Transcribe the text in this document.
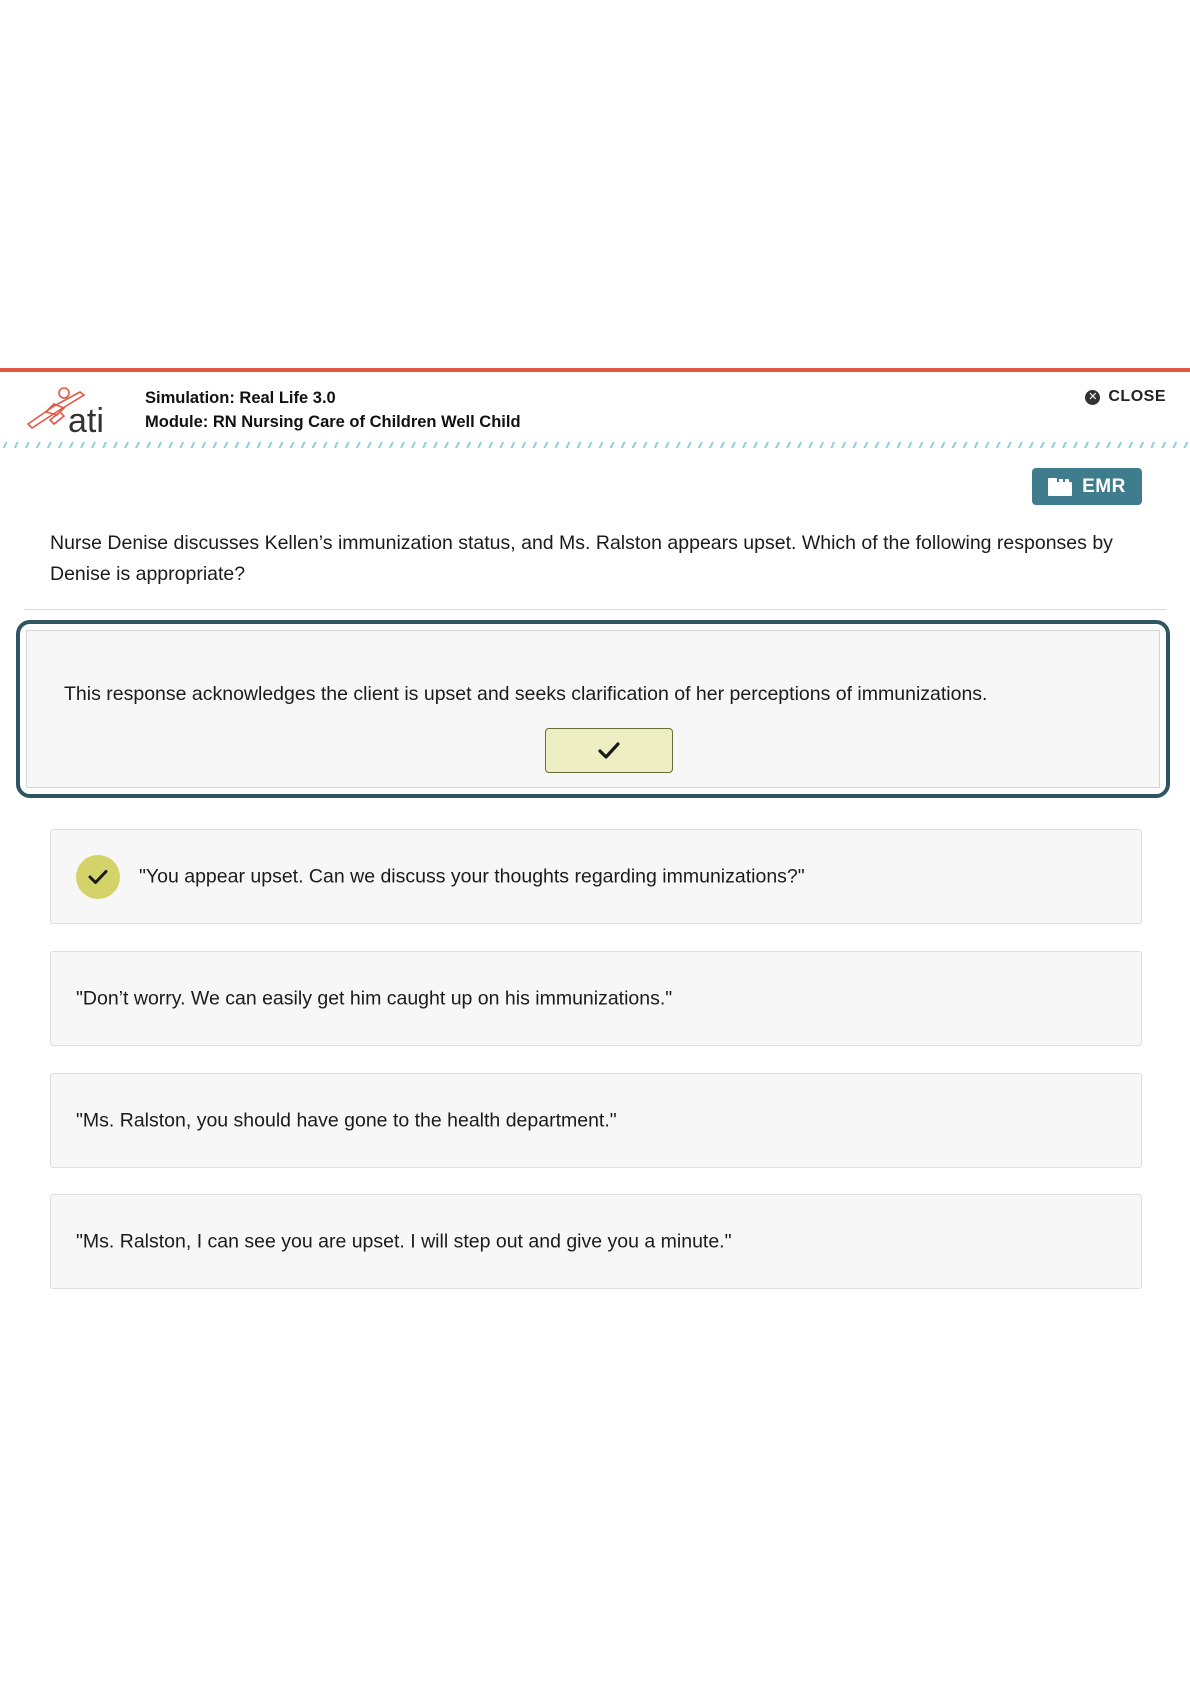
ati
Simulation: Real Life 3.0
Module: RN Nursing Care of Children Well Child
✕ CLOSE
EMR
Nurse Denise discusses Kellen’s immunization status, and Ms. Ralston appears upset. Which of the following responses by Denise is appropriate?
This response acknowledges the client is upset and seeks clarification of her perceptions of immunizations.
"You appear upset. Can we discuss your thoughts regarding immunizations?"
"Don’t worry. We can easily get him caught up on his immunizations."
"Ms. Ralston, you should have gone to the health department."
"Ms. Ralston, I can see you are upset. I will step out and give you a minute."
